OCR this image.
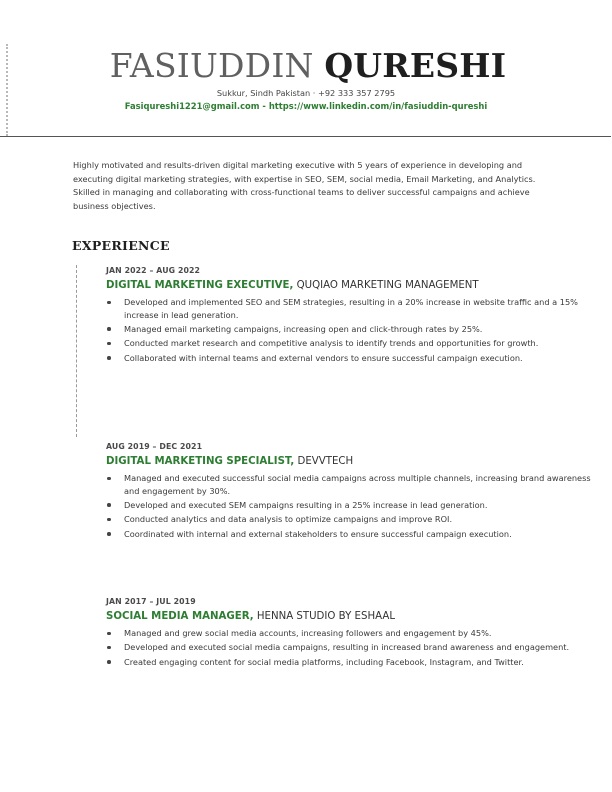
FASIUDDIN QURESHI
Sukkur, Sindh Pakistan · +92 333 357 2795
Fasiqureshi1221@gmail.com - https://www.linkedin.com/in/fasiuddin-qureshi
Highly motivated and results-driven digital marketing executive with 5 years of experience in developing and executing digital marketing strategies, with expertise in SEO, SEM, social media, Email Marketing, and Analytics. Skilled in managing and collaborating with cross-functional teams to deliver successful campaigns and achieve business objectives.
EXPERIENCE
JAN 2022 – AUG 2022
DIGITAL MARKETING EXECUTIVE, QUQIAO MARKETING MANAGEMENT
Developed and implemented SEO and SEM strategies, resulting in a 20% increase in website traffic and a 15% increase in lead generation.
Managed email marketing campaigns, increasing open and click-through rates by 25%.
Conducted market research and competitive analysis to identify trends and opportunities for growth.
Collaborated with internal teams and external vendors to ensure successful campaign execution.
AUG 2019 – DEC 2021
DIGITAL MARKETING SPECIALIST, DEVVTECH
Managed and executed successful social media campaigns across multiple channels, increasing brand awareness and engagement by 30%.
Developed and executed SEM campaigns resulting in a 25% increase in lead generation.
Conducted analytics and data analysis to optimize campaigns and improve ROI.
Coordinated with internal and external stakeholders to ensure successful campaign execution.
JAN 2017 – JUL 2019
SOCIAL MEDIA MANAGER, HENNA STUDIO BY ESHAAL
Managed and grew social media accounts, increasing followers and engagement by 45%.
Developed and executed social media campaigns, resulting in increased brand awareness and engagement.
Created engaging content for social media platforms, including Facebook, Instagram, and Twitter.
